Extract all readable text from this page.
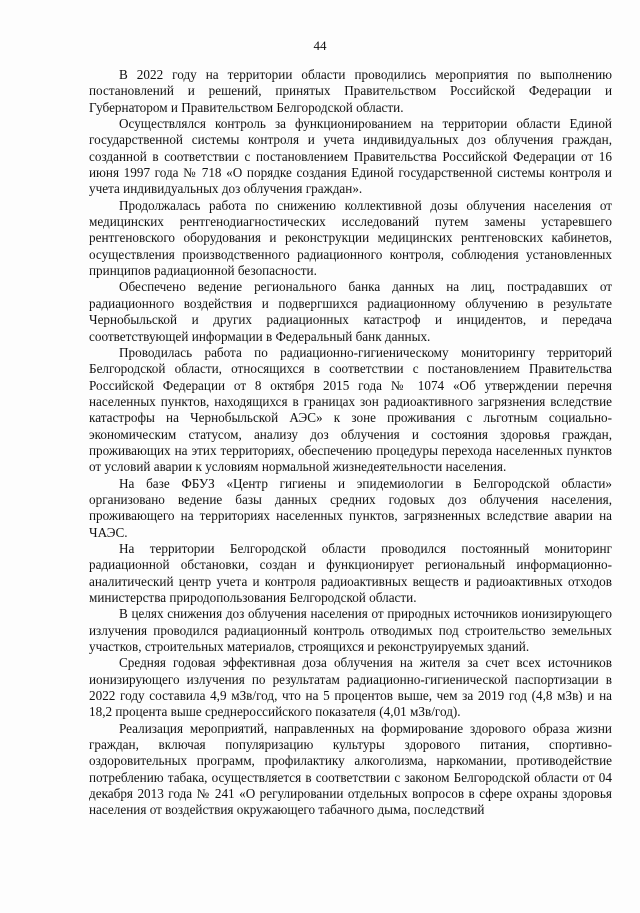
44

В 2022 году на территории области проводились мероприятия по выполнению постановлений и решений, принятых Правительством Российской Федерации и Губернатором и Правительством Белгородской области.

Осуществлялся контроль за функционированием на территории области Единой государственной системы контроля и учета индивидуальных доз облучения граждан, созданной в соответствии с постановлением Правительства Российской Федерации от 16 июня 1997 года № 718 «О порядке создания Единой государственной системы контроля и учета индивидуальных доз облучения граждан».

Продолжалась работа по снижению коллективной дозы облучения населения от медицинских рентгенодиагностических исследований путем замены устаревшего рентгеновского оборудования и реконструкции медицинских рентгеновских кабинетов, осуществления производственного радиационного контроля, соблюдения установленных принципов радиационной безопасности.

Обеспечено ведение регионального банка данных на лиц, пострадавших от радиационного воздействия и подвергшихся радиационному облучению в результате Чернобыльской и других радиационных катастроф и инцидентов, и передача соответствующей информации в Федеральный банк данных.

Проводилась работа по радиационно-гигиеническому мониторингу территорий Белгородской области, относящихся в соответствии с постановлением Правительства Российской Федерации от 8 октября 2015 года № 1074 «Об утверждении перечня населенных пунктов, находящихся в границах зон радиоактивного загрязнения вследствие катастрофы на Чернобыльской АЭС» к зоне проживания с льготным социально-экономическим статусом, анализу доз облучения и состояния здоровья граждан, проживающих на этих территориях, обеспечению процедуры перехода населенных пунктов от условий аварии к условиям нормальной жизнедеятельности населения.

На базе ФБУЗ «Центр гигиены и эпидемиологии в Белгородской области» организовано ведение базы данных средних годовых доз облучения населения, проживающего на территориях населенных пунктов, загрязненных вследствие аварии на ЧАЭС.

На территории Белгородской области проводился постоянный мониторинг радиационной обстановки, создан и функционирует региональный информационно-аналитический центр учета и контроля радиоактивных веществ и радиоактивных отходов министерства природопользования Белгородской области.

В целях снижения доз облучения населения от природных источников ионизирующего излучения проводился радиационный контроль отводимых под строительство земельных участков, строительных материалов, строящихся и реконструируемых зданий.

Средняя годовая эффективная доза облучения на жителя за счет всех источников ионизирующего излучения по результатам радиационно-гигиенической паспортизации в 2022 году составила 4,9 мЗв/год, что на 5 процентов выше, чем за 2019 год (4,8 мЗв) и на 18,2 процента выше среднероссийского показателя (4,01 мЗв/год).

Реализация мероприятий, направленных на формирование здорового образа жизни граждан, включая популяризацию культуры здорового питания, спортивно-оздоровительных программ, профилактику алкоголизма, наркомании, противодействие потреблению табака, осуществляется в соответствии с законом Белгородской области от 04 декабря 2013 года № 241 «О регулировании отдельных вопросов в сфере охраны здоровья населения от воздействия окружающего табачного дыма, последствий
